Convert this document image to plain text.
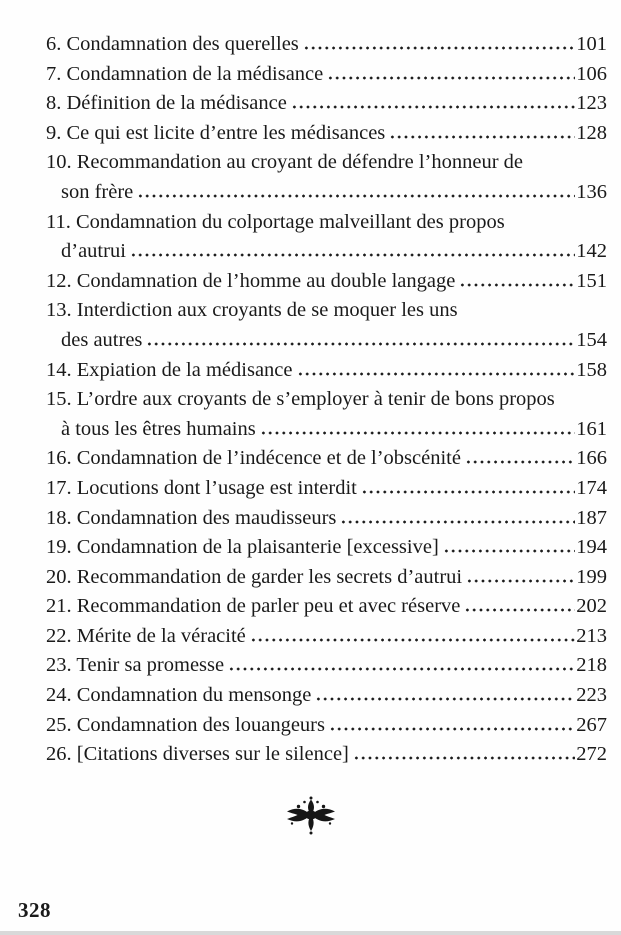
6. Condamnation des querelles	101
7. Condamnation de la médisance	106
8. Définition de la médisance	123
9. Ce qui est licite d’entre les médisances	128
10. Recommandation au croyant de défendre l’honneur de
son frère	136
11. Condamnation du colportage malveillant des propos
d’autrui	142
12. Condamnation de l’homme au double langage	151
13. Interdiction aux croyants de se moquer les uns
des autres	154
14. Expiation de la médisance	158
15. L’ordre aux croyants de s’employer à tenir de bons propos
à tous les êtres humains	161
16. Condamnation de l’indécence et de l’obscénité	166
17. Locutions dont l’usage est interdit	174
18. Condamnation des maudisseurs	187
19. Condamnation de la plaisanterie [excessive]	194
20. Recommandation de garder les secrets d’autrui	199
21. Recommandation de parler peu et avec réserve	202
22. Mérite de la véracité	213
23. Tenir sa promesse	218
24. Condamnation du mensonge	223
25. Condamnation des louangeurs	267
26. [Citations diverses sur le silence]	272
328
